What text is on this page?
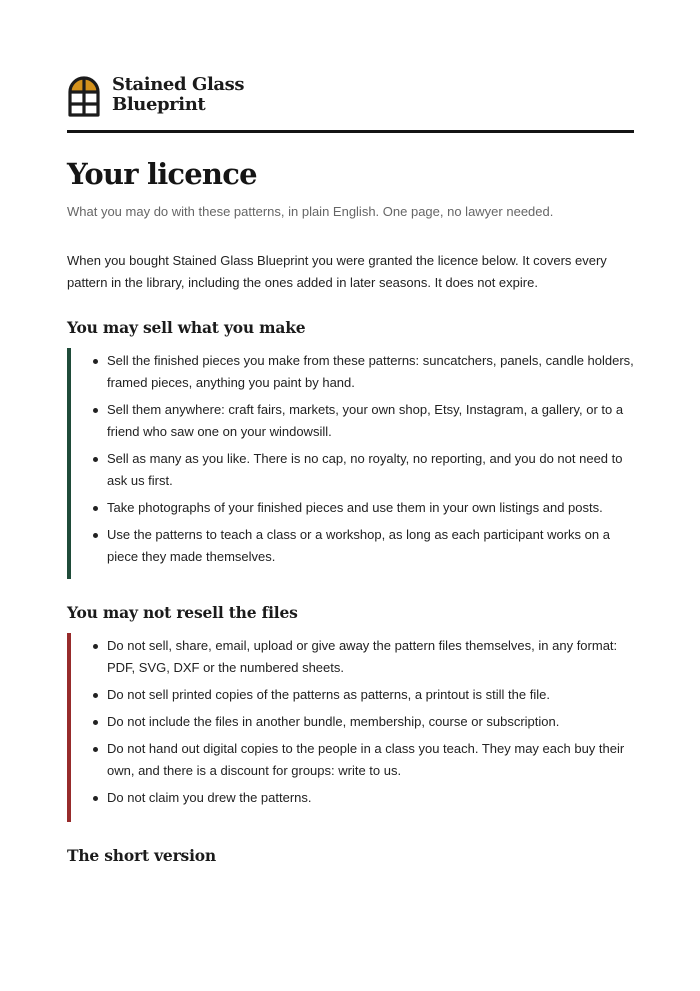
Stained Glass
Blueprint
Your licence

What you may do with these patterns, in plain English. One page, no lawyer needed.

When you bought Stained Glass Blueprint you were granted the licence below. It covers every pattern in the library, including the ones added in later seasons. It does not expire.

You may sell what you make
Sell the finished pieces you make from these patterns: suncatchers, panels, candle holders, framed pieces, anything you paint by hand.
Sell them anywhere: craft fairs, markets, your own shop, Etsy, Instagram, a gallery, or to a friend who saw one on your windowsill.
Sell as many as you like. There is no cap, no royalty, no reporting, and you do not need to ask us first.
Take photographs of your finished pieces and use them in your own listings and posts.
Use the patterns to teach a class or a workshop, as long as each participant works on a piece they made themselves.
You may not resell the files
Do not sell, share, email, upload or give away the pattern files themselves, in any format: PDF, SVG, DXF or the numbered sheets.
Do not sell printed copies of the patterns as patterns, a printout is still the file.
Do not include the files in another bundle, membership, course or subscription.
Do not hand out digital copies to the people in a class you teach. They may each buy their own, and there is a discount for groups: write to us.
Do not claim you drew the patterns.
The short version
